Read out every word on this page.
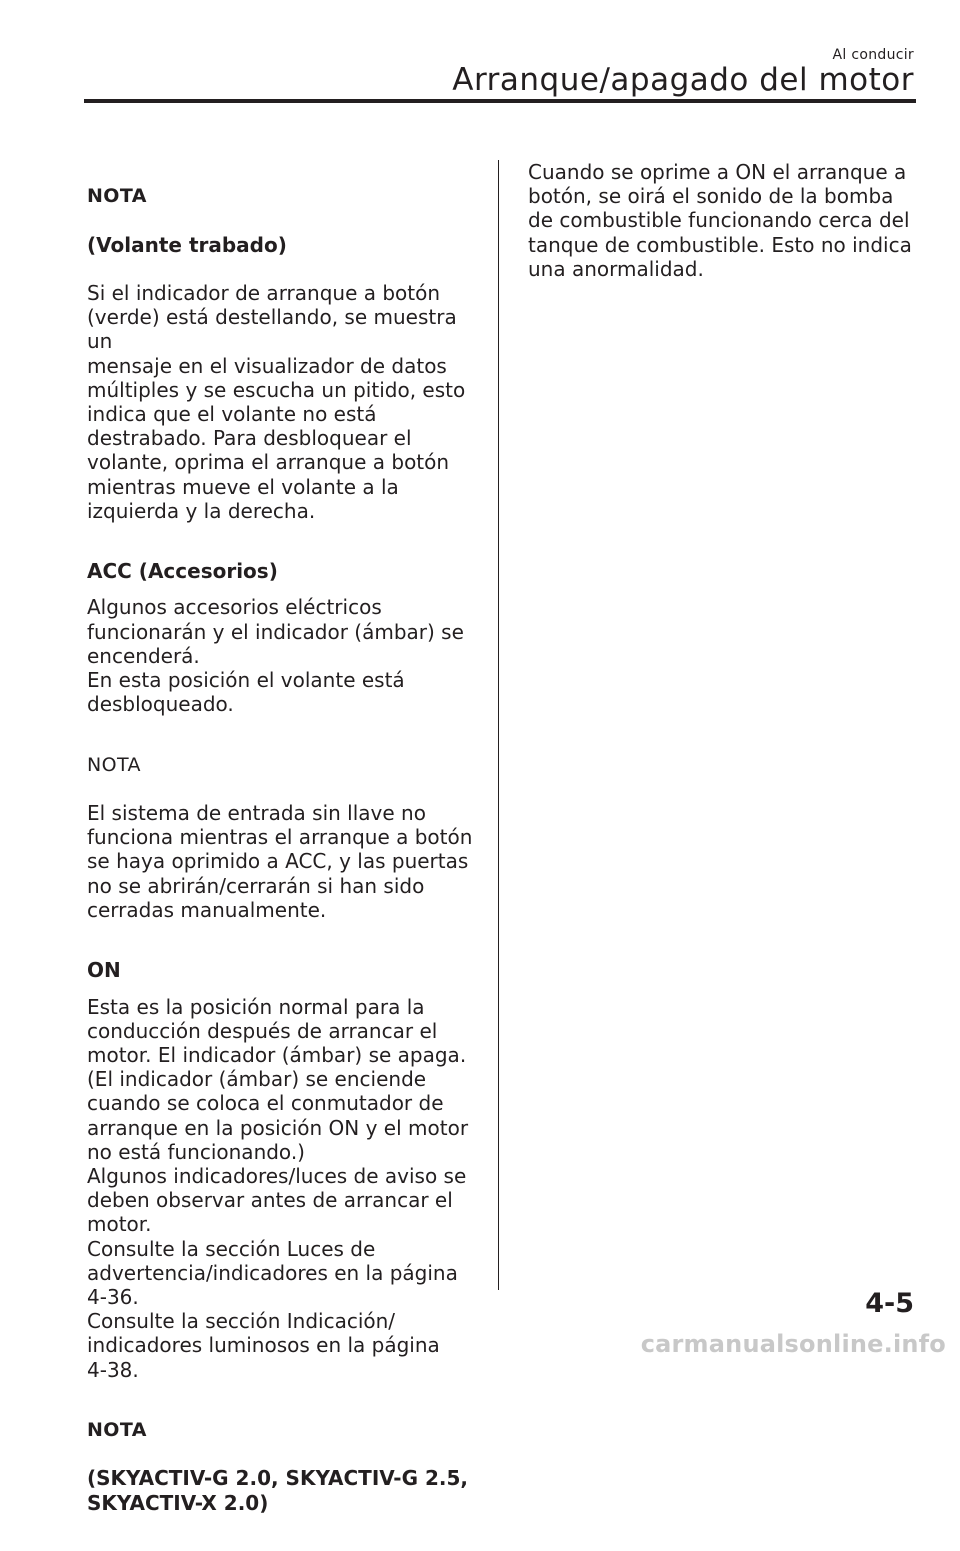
Al conducir
Arranque/apagado del motor

NOTA

(Volante trabado)

Si el indicador de arranque a botón
(verde) está destellando, se muestra un
mensaje en el visualizador de datos
múltiples y se escucha un pitido, esto
indica que el volante no está
destrabado. Para desbloquear el
volante, oprima el arranque a botón
mientras mueve el volante a la
izquierda y la derecha.

ACC (Accesorios)
Algunos accesorios eléctricos
funcionarán y el indicador (ámbar) se
encenderá.
En esta posición el volante está
desbloqueado.

NOTA

El sistema de entrada sin llave no
funciona mientras el arranque a botón
se haya oprimido a ACC, y las puertas
no se abrirán/cerrarán si han sido
cerradas manualmente.

ON
Esta es la posición normal para la
conducción después de arrancar el
motor. El indicador (ámbar) se apaga.
(El indicador (ámbar) se enciende
cuando se coloca el conmutador de
arranque en la posición ON y el motor
no está funcionando.)
Algunos indicadores/luces de aviso se
deben observar antes de arrancar el
motor.
Consulte la sección Luces de
advertencia/indicadores en la página
4-36.
Consulte la sección Indicación/
indicadores luminosos en la página
4-38.

NOTA

(SKYACTIV-G 2.0, SKYACTIV-G 2.5,
SKYACTIV-X 2.0)

Cuando se oprime a ON el arranque a
botón, se oirá el sonido de la bomba
de combustible funcionando cerca del
tanque de combustible. Esto no indica
una anormalidad.
4-5
carmanualsonline.info
